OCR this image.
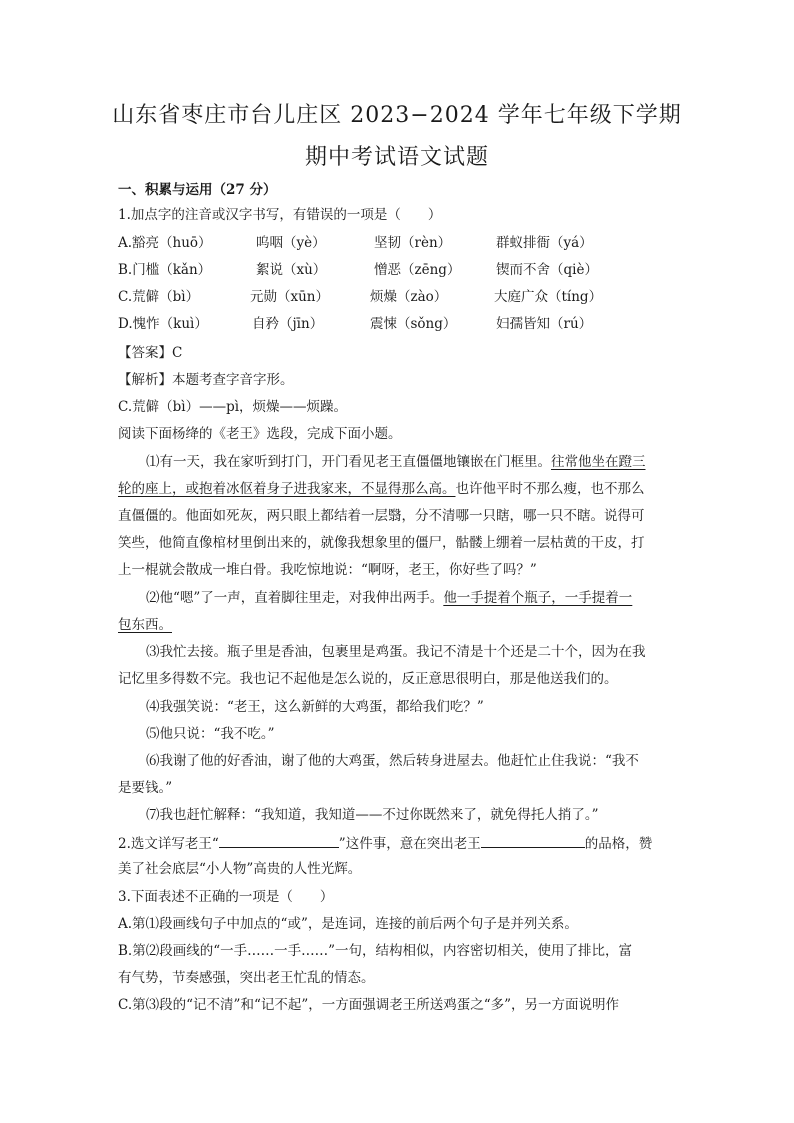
山东省枣庄市台儿庄区 2023−2024 学年七年级下学期
期中考试语文试题
一、积累与运用（27 分）
1.加点字的注音或汉字书写，有错误的一项是（　　）
A.豁亮（huō）	呜咽（yè）	坚韧（rèn）	群蚁排衙（yá）
B.门槛（kǎn）	絮说（xù）	憎恶（zēng）	锲而不舍（qiè）
C.荒僻（bì）	元勋（xūn）	烦燥（zào）	大庭广众（tíng）
D.愧怍（kuì）	自矜（jīn）	震悚（sǒng）	妇孺皆知（rú）
【答案】C
【解析】本题考查字音字形。
C.荒僻（bì）——pì，烦燥——烦躁。
阅读下面杨绛的《老王》选段，完成下面小题。
⑴有一天，我在家听到打门，开门看见老王直僵僵地镶嵌在门框里。往常他坐在蹬三
轮的座上，或抱着冰伛着身子进我家来，不显得那么高。也许他平时不那么瘦，也不那么
直僵僵的。他面如死灰，两只眼上都结着一层翳，分不清哪一只瞎，哪一只不瞎。说得可
笑些，他简直像棺材里倒出来的，就像我想象里的僵尸，骷髅上绷着一层枯黄的干皮，打
上一棍就会散成一堆白骨。我吃惊地说：“啊呀，老王，你好些了吗？”
⑵他“嗯”了一声，直着脚往里走，对我伸出两手。他一手提着个瓶子，一手提着一
包东西。
⑶我忙去接。瓶子里是香油，包裹里是鸡蛋。我记不清是十个还是二十个，因为在我
记忆里多得数不完。我也记不起他是怎么说的，反正意思很明白，那是他送我们的。
⑷我强笑说：“老王，这么新鲜的大鸡蛋，都给我们吃？”
⑸他只说：“我不吃。”
⑹我谢了他的好香油，谢了他的大鸡蛋，然后转身进屋去。他赶忙止住我说：“我不
是要钱。”
⑺我也赶忙解释：“我知道，我知道——不过你既然来了，就免得托人捎了。”
2.选文详写老王“	”这件事，意在突出老王	的品格，赞
美了社会底层“小人物”高贵的人性光辉。
3.下面表述不正确的一项是（　　）
A.第⑴段画线句子中加点的“或”，是连词，连接的前后两个句子是并列关系。
B.第⑵段画线的“一手……一手……”一句，结构相似，内容密切相关，使用了排比，富
有气势，节奏感强，突出老王忙乱的情态。
C.第⑶段的“记不清”和“记不起”，一方面强调老王所送鸡蛋之“多”，另一方面说明作
